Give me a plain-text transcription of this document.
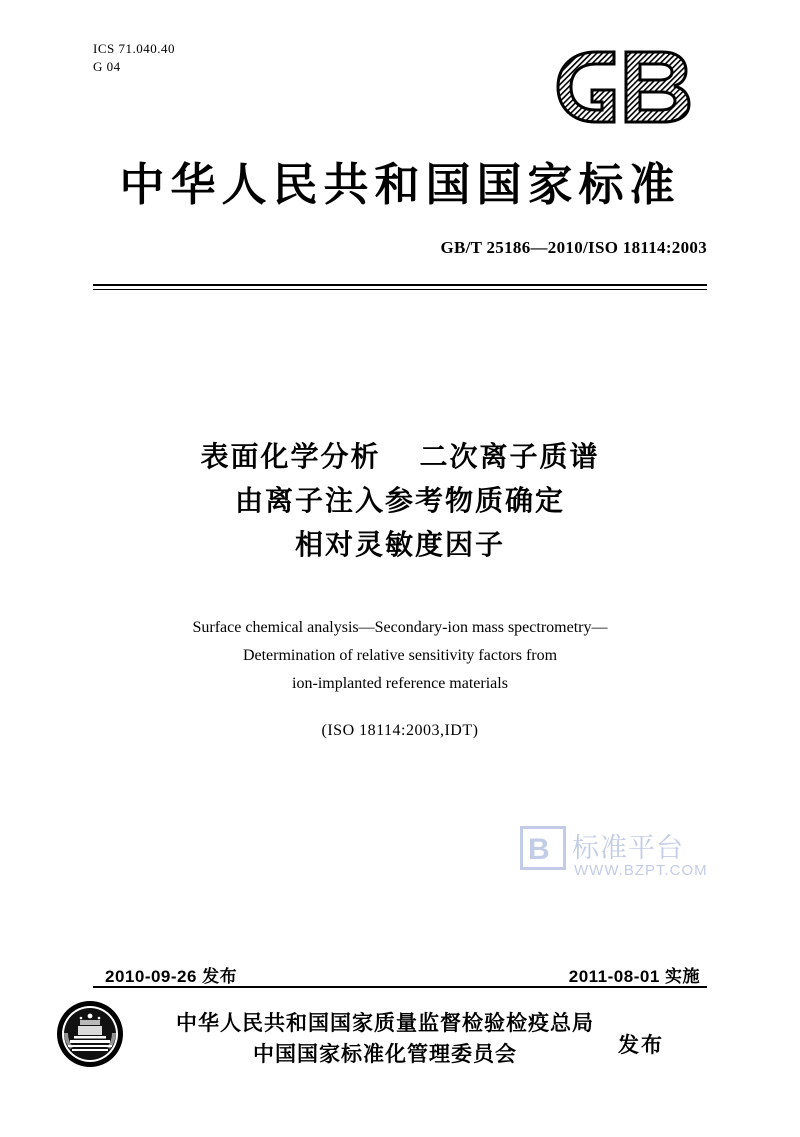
ICS 71.040.40
G 04
中华人民共和国国家标准
GB/T 25186—2010/ISO 18114:2003
表面化学分析    二次离子质谱
由离子注入参考物质确定
相对灵敏度因子
Surface chemical analysis—Secondary-ion mass spectrometry—
Determination of relative sensitivity factors from
ion-implanted reference materials
(ISO 18114:2003,IDT)
B 标准平台
WWW.BZPT.COM
2010-09-26 发布	2011-08-01 实施
中华人民共和国国家质量监督检验检疫总局
中国国家标准化管理委员会	发布
